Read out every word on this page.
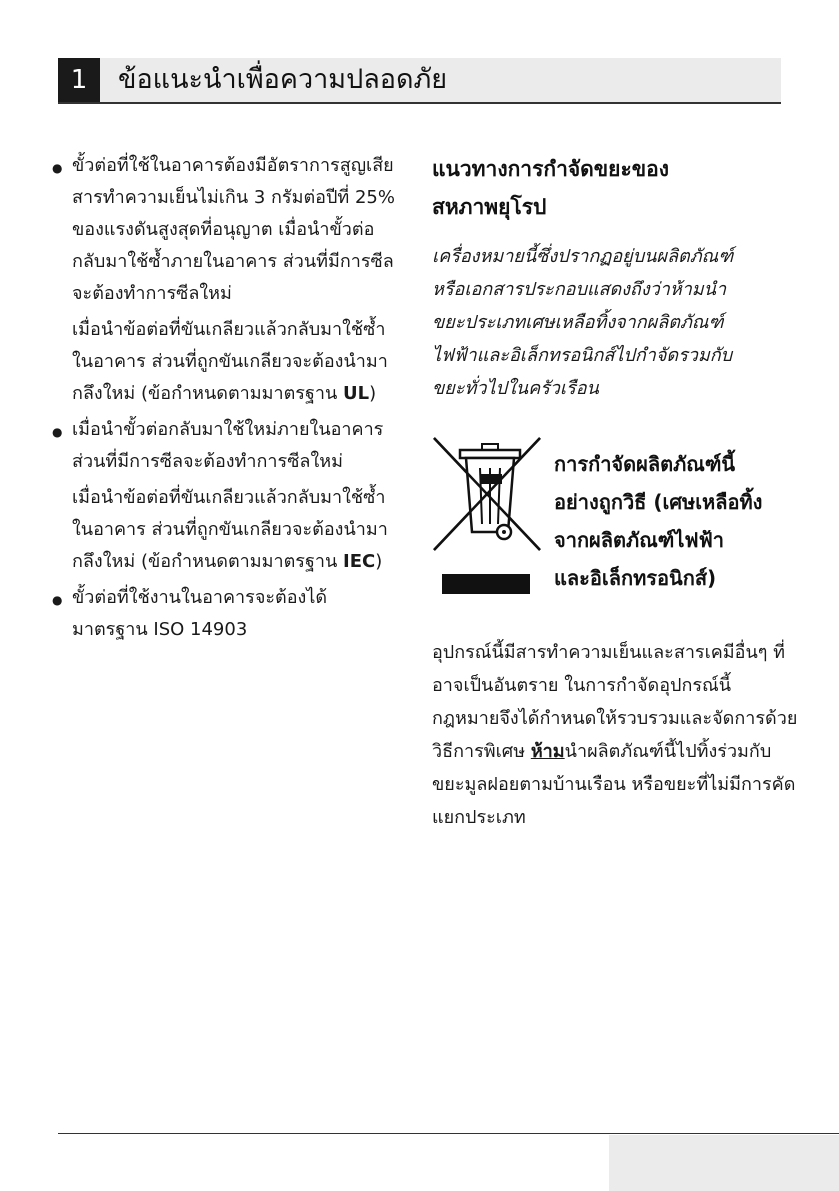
1	ข้อแนะนำเพื่อความปลอดภัย

● ขั้วต่อที่ใช้ในอาคารต้องมีอัตราการสูญเสียสารทำความเย็นไม่เกิน 3 กรัมต่อปีที่ 25% ของแรงดันสูงสุดที่อนุญาต เมื่อนำขั้วต่อกลับมาใช้ซ้ำภายในอาคาร ส่วนที่มีการซีลจะต้องทำการซีลใหม่

เมื่อนำข้อต่อที่ขันเกลียวแล้วกลับมาใช้ซ้ำในอาคาร ส่วนที่ถูกขันเกลียวจะต้องนำมากลึงใหม่ (ข้อกำหนดตามมาตรฐาน UL)

● เมื่อนำขั้วต่อกลับมาใช้ใหม่ภายในอาคาร ส่วนที่มีการซีลจะต้องทำการซีลใหม่

เมื่อนำข้อต่อที่ขันเกลียวแล้วกลับมาใช้ซ้ำในอาคาร ส่วนที่ถูกขันเกลียวจะต้องนำมากลึงใหม่ (ข้อกำหนดตามมาตรฐาน IEC)

● ขั้วต่อที่ใช้งานในอาคารจะต้องได้มาตรฐาน ISO 14903

แนวทางการกำจัดขยะของ
สหภาพยุโรป

เครื่องหมายนี้ซึ่งปรากฏอยู่บนผลิตภัณฑ์
หรือเอกสารประกอบแสดงถึงว่าห้ามนำ
ขยะประเภทเศษเหลือทิ้งจากผลิตภัณฑ์
ไฟฟ้าและอิเล็กทรอนิกส์ไปกำจัดรวมกับ
ขยะทั่วไปในครัวเรือน

การกำจัดผลิตภัณฑ์นี้
อย่างถูกวิธี (เศษเหลือทิ้ง
จากผลิตภัณฑ์ไฟฟ้า
และอิเล็กทรอนิกส์)

อุปกรณ์นี้มีสารทำความเย็นและสารเคมีอื่นๆ ที่อาจเป็นอันตราย ในการกำจัดอุปกรณ์นี้ กฎหมายจึงได้กำหนดให้รวบรวมและจัดการด้วยวิธีการพิเศษ ห้ามนำผลิตภัณฑ์นี้ไปทิ้งร่วมกับขยะมูลฝอยตามบ้านเรือน หรือขยะที่ไม่มีการคัดแยกประเภท
